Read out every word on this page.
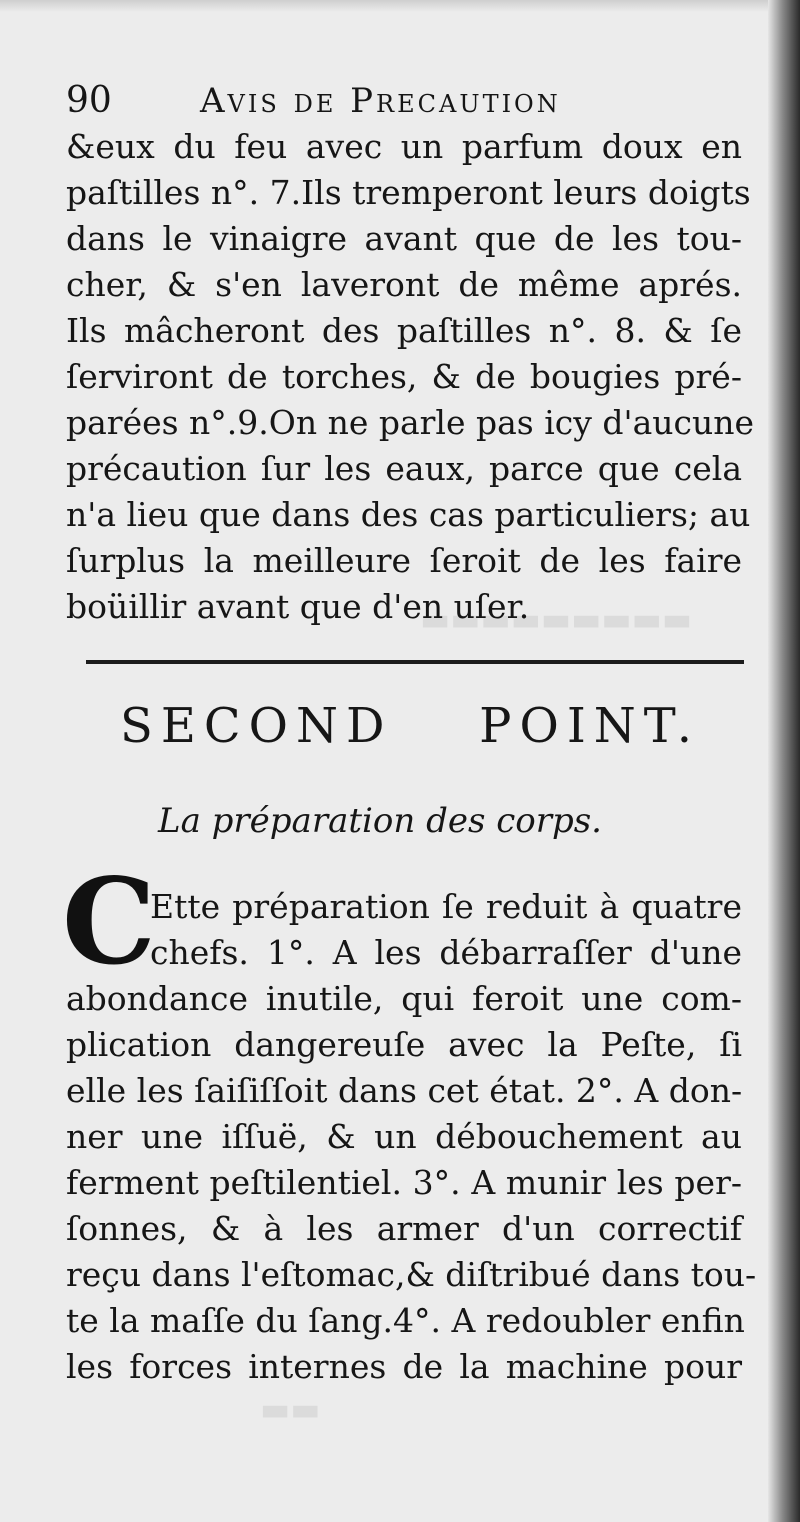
▬▬▬▬▬▬▬▬▬
▬▬
90	Avis de Precaution
&eux du feu avec un parfum doux en
paſtilles n°. 7.Ils tremperont leurs doigts
dans le vinaigre avant que de les tou-
cher, & s'en laveront de même aprés.
Ils mâcheront des paſtilles n°. 8. & ſe
ſerviront de torches, & de bougies pré-
parées n°.9.On ne parle pas icy d'aucune
précaution ſur les eaux, parce que cela
n'a lieu que dans des cas particuliers; au
ſurplus la meilleure ſeroit de les faire
boüillir avant que d'en uſer.
SECOND POINT.
La préparation des corps.
C
Ette préparation ſe reduit à quatre
chefs. 1°. A les débarraſſer d'une
abondance inutile, qui feroit une com-
plication dangereuſe avec la Peſte, ſi
elle les ſaiſiſſoit dans cet état. 2°. A don-
ner une iſſuë, & un débouchement au
ferment peſtilentiel. 3°. A munir les per-
ſonnes, & à les armer d'un correctif
reçu dans l'eſtomac,& diſtribué dans tou-
te la maſſe du ſang.4°. A redoubler enfin
les forces internes de la machine pour
